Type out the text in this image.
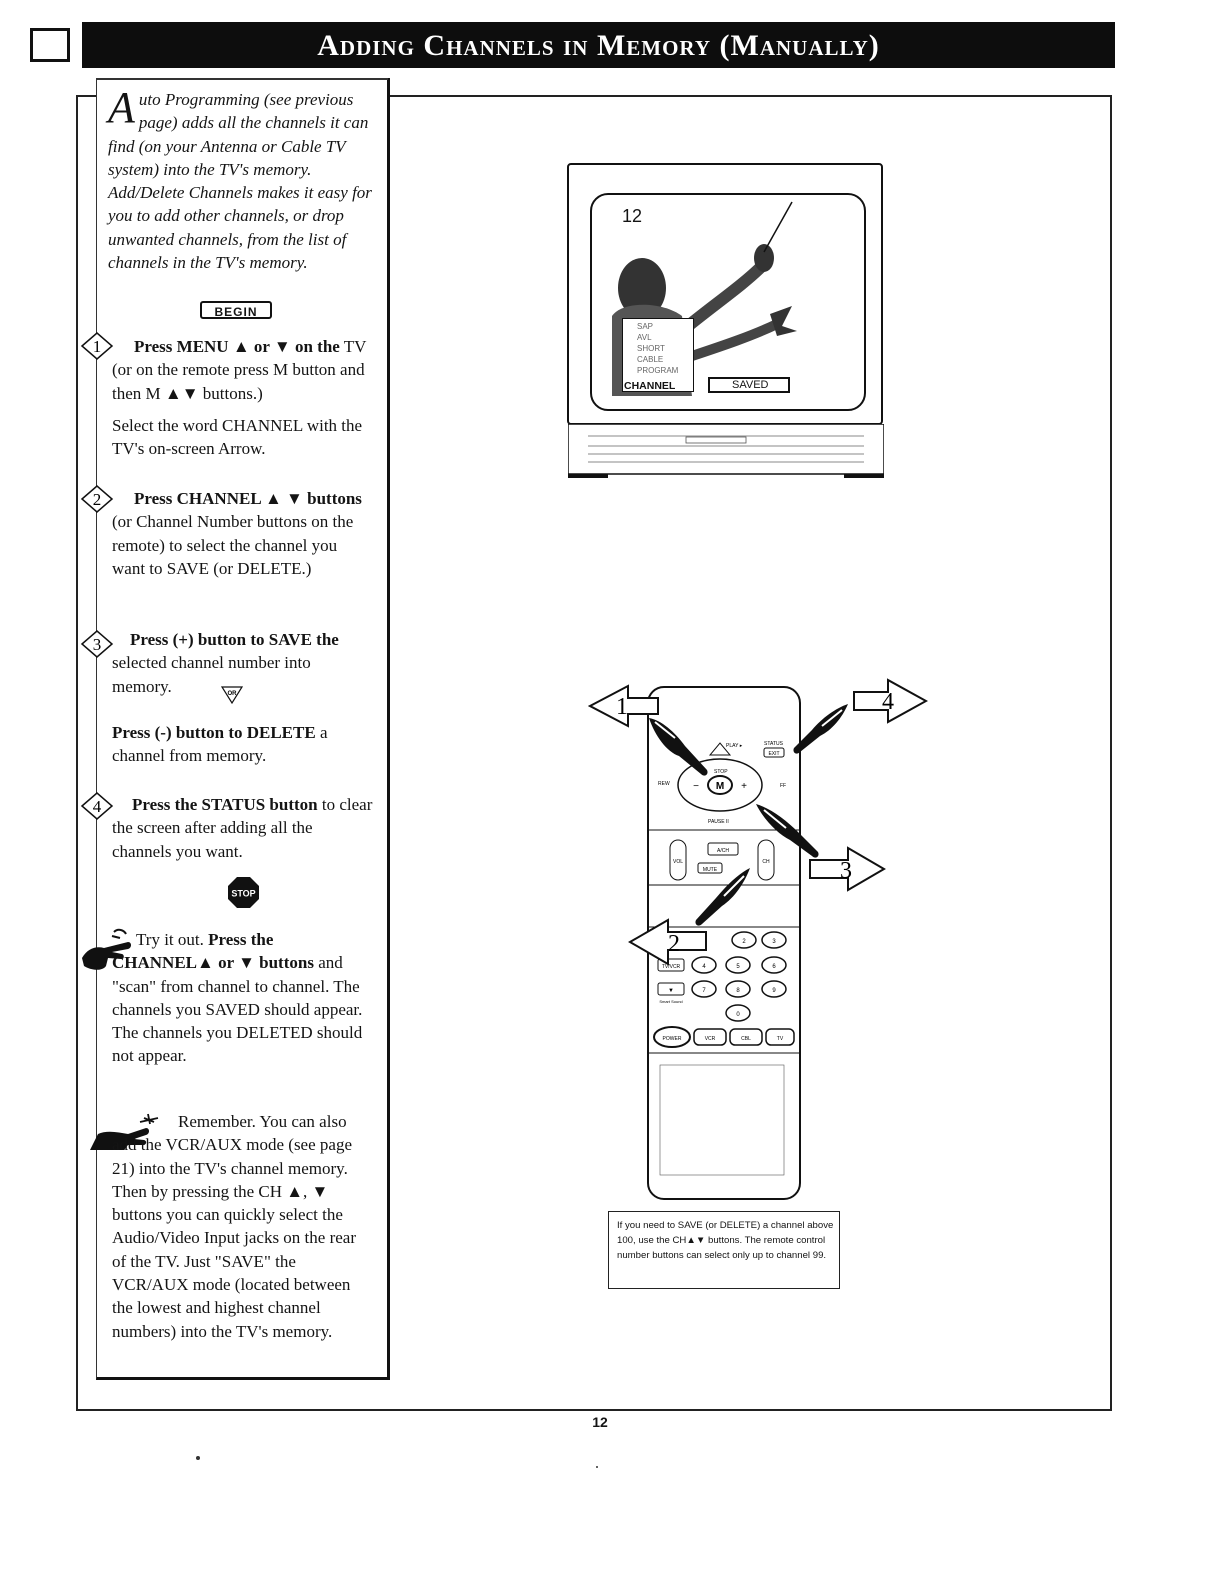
Adding Channels in Memory (Manually)
Auto Programming (see previous page) adds all the channels it can find (on your Antenna or Cable TV system) into the TV's memory. Add/Delete Channels makes it easy for you to add other channels, or drop unwanted channels, from the list of channels in the TV's memory.
BEGIN
1	Press MENU ▲ or ▼ on the TV (or on the remote press M button and then M ▲▼ buttons.)
Select the word CHANNEL with the TV's on-screen Arrow.
2	Press CHANNEL ▲ ▼ buttons (or Channel Number buttons on the remote) to select the channel you want to SAVE (or DELETE.)
3	Press (+) button to SAVE the selected channel number into memory.	OR
Press (-) button to DELETE a channel from memory.
4	Press the STATUS button to clear the screen after adding all the channels you want.
STOP
Try it out. Press the CHANNEL▲ or ▼ buttons and "scan" from channel to channel. The channels you SAVED should appear. The channels you DELETED should not appear.
Remember. You can also add the VCR/AUX mode (see page 21) into the TV's channel memory. Then by pressing the CH ▲, ▼ buttons you can quickly select the Audio/Video Input jacks on the rear of the TV. Just "SAVE" the VCR/AUX mode (located between the lowest and highest channel numbers) into the TV's memory.
12
SAP
AVL
SHORT
CABLE
PROGRAM
CHANNEL	SAVED
M
−	+
PLAY ▸	STATUS
EXIT
REW	FF
STOP
PAUSE II
VOL	CH
A/CH
MUTE
2	3
TV/VCR	4	5	6
▼
Smart Sound
7	8	9
0
POWER	VCR	CBL	TV
1	4
3
2
If you need to SAVE (or DELETE) a channel above 100, use the CH▲▼ buttons. The remote control number buttons can select only up to channel 99.
12
